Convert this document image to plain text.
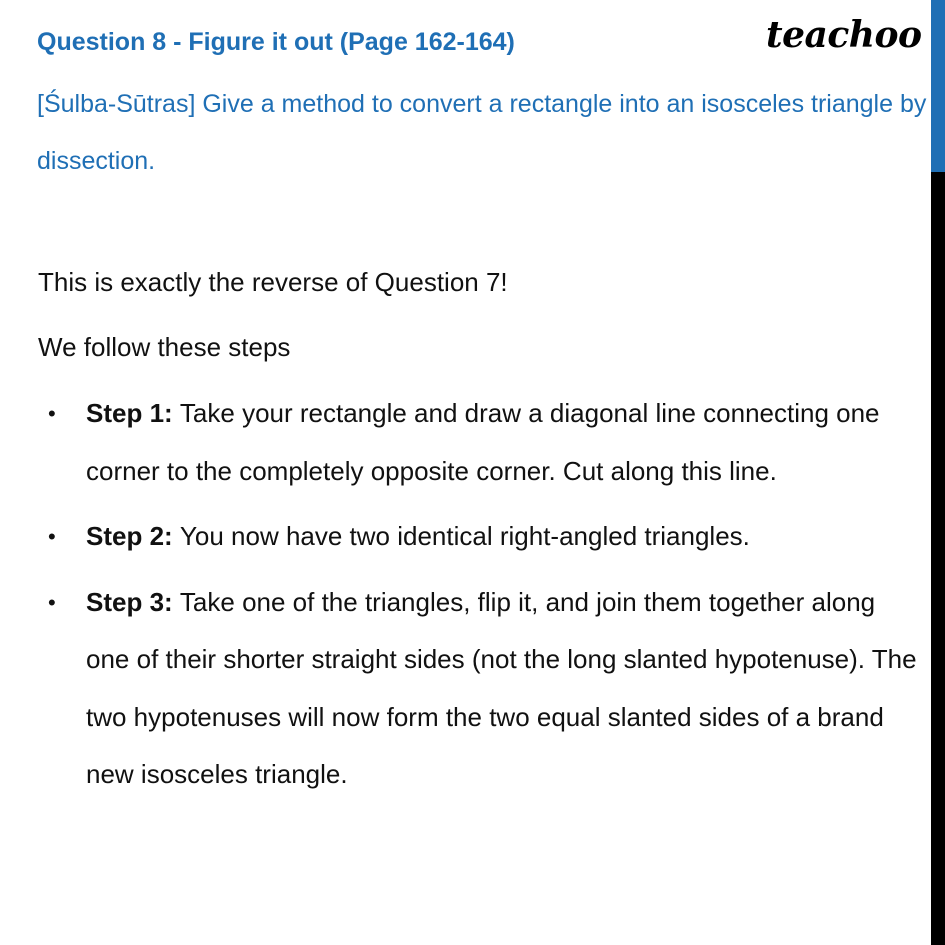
teachoo
Question 8 - Figure it out (Page 162-164)
[Śulba-Sūtras] Give a method to convert a rectangle into an isosceles triangle by dissection.
This is exactly the reverse of Question 7!
We follow these steps
• Step 1: Take your rectangle and draw a diagonal line connecting one corner to the completely opposite corner. Cut along this line.
• Step 2: You now have two identical right-angled triangles.
• Step 3: Take one of the triangles, flip it, and join them together along one of their shorter straight sides (not the long slanted hypotenuse). The two hypotenuses will now form the two equal slanted sides of a brand new isosceles triangle.
